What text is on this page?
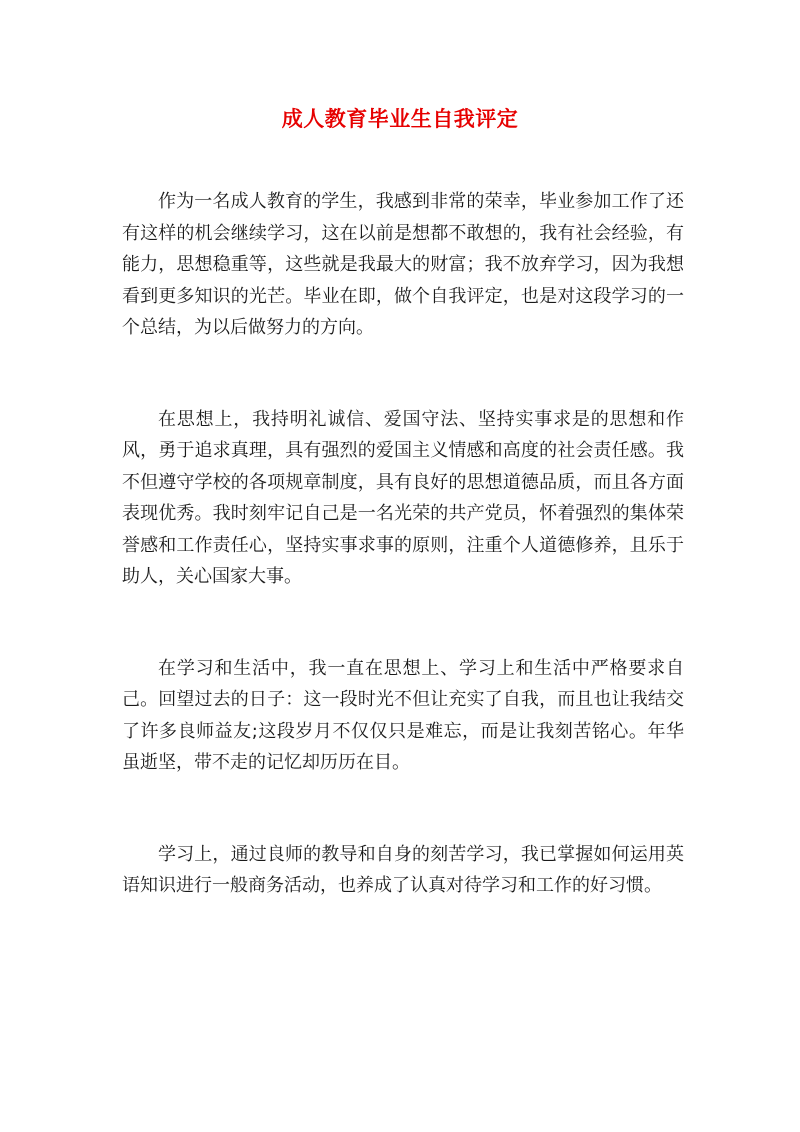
成人教育毕业生自我评定

作为一名成人教育的学生，我感到非常的荣幸，毕业参加工作了还有这样的机会继续学习，这在以前是想都不敢想的，我有社会经验，有能力，思想稳重等，这些就是我最大的财富；我不放弃学习，因为我想看到更多知识的光芒。毕业在即，做个自我评定，也是对这段学习的一个总结，为以后做努力的方向。

在思想上，我持明礼诚信、爱国守法、坚持实事求是的思想和作风，勇于追求真理，具有强烈的爱国主义情感和高度的社会责任感。我不但遵守学校的各项规章制度，具有良好的思想道德品质，而且各方面表现优秀。我时刻牢记自己是一名光荣的共产党员，怀着强烈的集体荣誉感和工作责任心，坚持实事求事的原则，注重个人道德修养，且乐于助人，关心国家大事。

在学习和生活中，我一直在思想上、学习上和生活中严格要求自己。回望过去的日子：这一段时光不但让充实了自我，而且也让我结交了许多良师益友;这段岁月不仅仅只是难忘，而是让我刻苦铭心。年华虽逝坚，带不走的记忆却历历在目。

学习上，通过良师的教导和自身的刻苦学习，我已掌握如何运用英语知识进行一般商务活动，也养成了认真对待学习和工作的好习惯。
